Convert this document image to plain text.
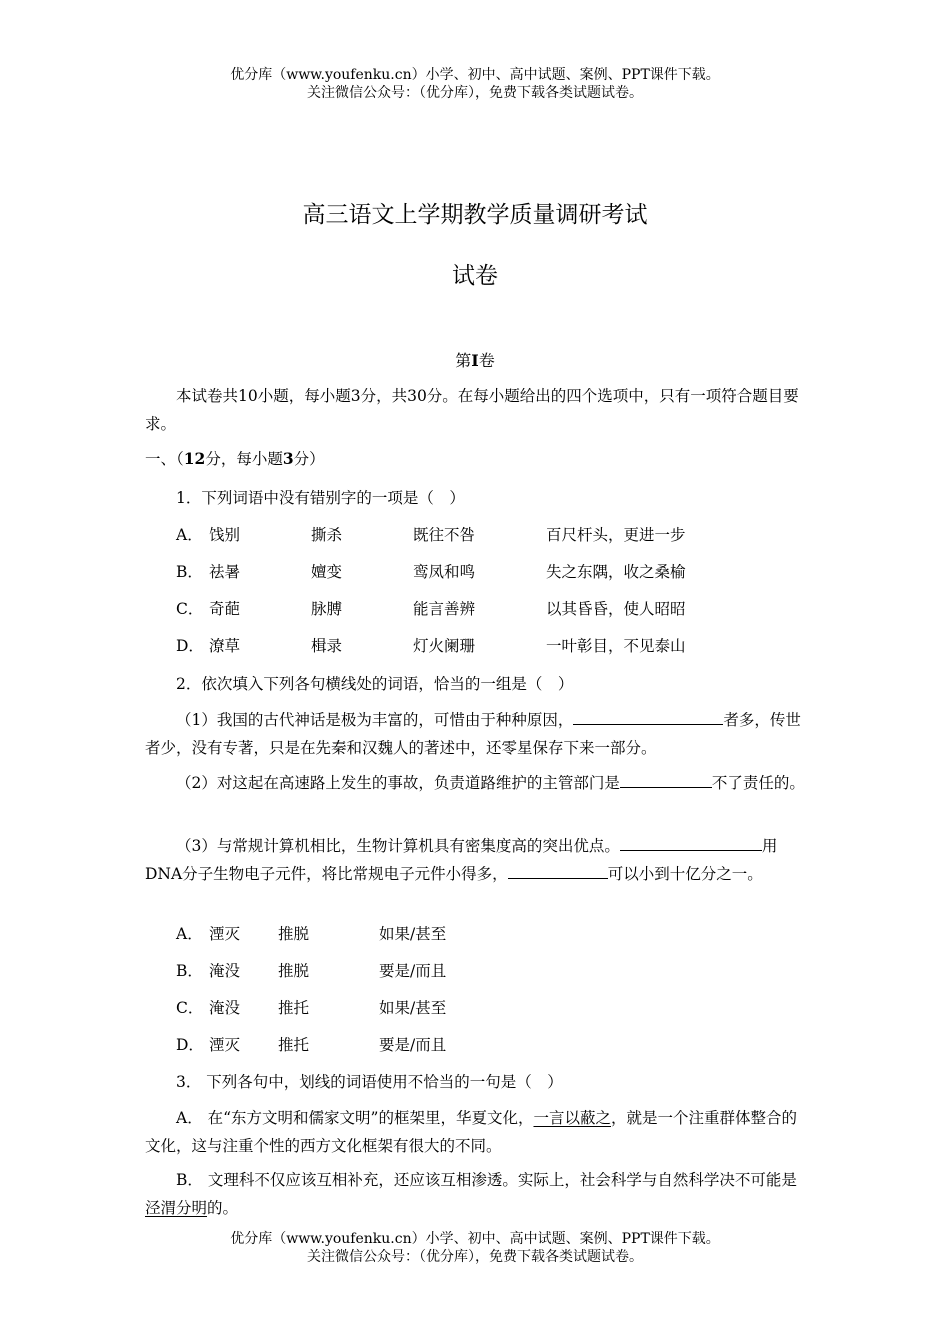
优分库（www.youfenku.cn）小学、初中、高中试题、案例、PPT课件下载。
关注微信公众号：（优分库），免费下载各类试题试卷。
高三语文上学期教学质量调研考试
试卷
第I卷
本试卷共10小题，每小题3分，共30分。在每小题给出的四个选项中，只有一项符合题目要求。
一、（12分，每小题3分）
1．下列词语中没有错别字的一项是（　）
A． 饯别	撕杀	既往不咎	百尺杆头，更进一步
B． 祛暑	嬗变	鸾凤和鸣	失之东隅，收之桑榆
C． 奇葩	脉膊	能言善辨	以其昏昏，使人昭昭
D． 潦草	楫录	灯火阑珊	一叶彰目，不见泰山
2．依次填入下列各句横线处的词语，恰当的一组是（　）
（1）我国的古代神话是极为丰富的，可惜由于种种原因，	者多，传世者少，没有专著，只是在先秦和汉魏人的著述中，还零星保存下来一部分。
（2）对这起在高速路上发生的事故，负责道路维护的主管部门是	不了责任的。
（3）与常规计算机相比，生物计算机具有密集度高的突出优点。	用DNA分子生物电子元件，将比常规电子元件小得多，	可以小到十亿分之一。
A． 湮灭 推脱	如果/甚至
B． 淹没 推脱	要是/而且
C． 淹没 推托	如果/甚至
D． 湮灭 推托	要是/而且
3． 下列各句中，划线的词语使用不恰当的一句是（　）
A． 在“东方文明和儒家文明”的框架里，华夏文化，一言以蔽之，就是一个注重群体整合的文化，这与注重个性的西方文化框架有很大的不同。
B． 文理科不仅应该互相补充，还应该互相渗透。实际上，社会科学与自然科学决不可能是泾渭分明的。
优分库（www.youfenku.cn）小学、初中、高中试题、案例、PPT课件下载。
关注微信公众号：（优分库），免费下载各类试题试卷。
